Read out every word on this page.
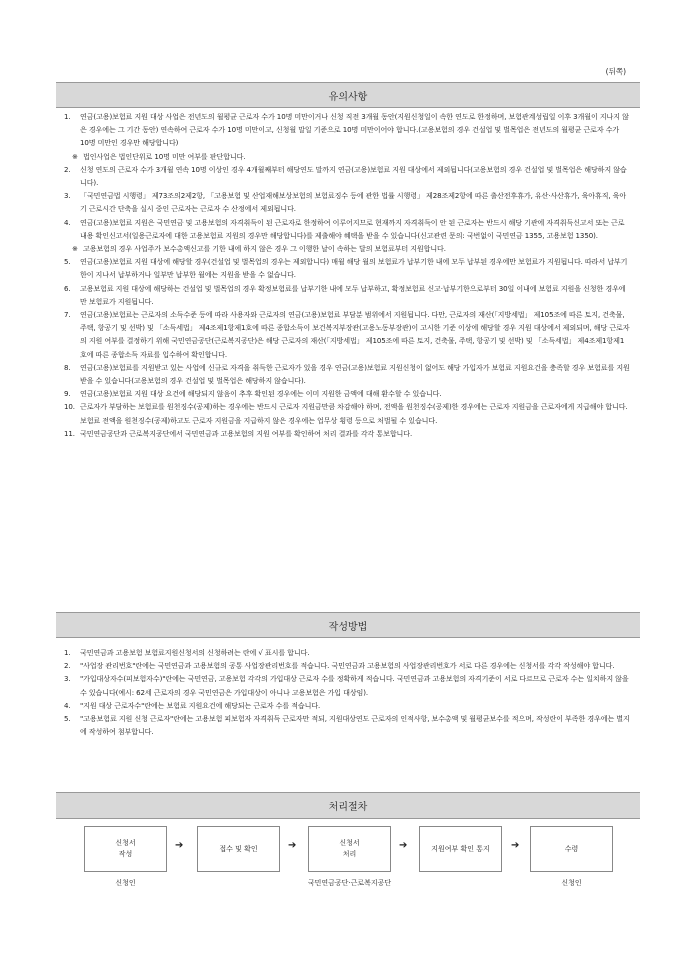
(뒤쪽)
유의사항
1. 연금(고용)보험료 지원 대상 사업은 전년도의 월평균 근로자 수가 10명 미만이거나 신청 직전 3개월 동안(지원신청일이 속한 연도로 한정하며, 보험관계성립일 이후 3개월이 지나지 않은 경우에는 그 기간 동안) 연속하여 근로자 수가 10명 미만이고, 신청월 말일 기준으로 10명 미만이어야 합니다.(고용보험의 경우 건설업 및 벌목업은 전년도의 월평균 근로자 수가 10명 미만인 경우만 해당합니다)
※ 법인사업은 법인단위로 10명 미만 여부를 판단합니다.
2. 신청 연도의 근로자 수가 3개월 연속 10명 이상인 경우 4개월째부터 해당연도 말까지 연금(고용)보험료 지원 대상에서 제외됩니다(고용보험의 경우 건설업 및 벌목업은 해당하지 않습니다).
3. 「국민연금법 시행령」 제73조의2제2항, 「고용보험 및 산업재해보상보험의 보험료징수 등에 관한 법률 시행령」 제28조제2항에 따른 출산전후휴가, 유산·사산휴가, 육아휴직, 육아기 근로시간 단축을 실시 중인 근로자는 근로자 수 산정에서 제외됩니다.
4. 연금(고용)보험료 지원은 국민연금 및 고용보험의 자격취득이 된 근로자로 한정하여 이루어지므로 현재까지 자격취득이 안 된 근로자는 반드시 해당 기관에 자격취득신고서 또는 근로내용 확인신고서(일용근로자에 대한 고용보험료 지원의 경우만 해당합니다)를 제출해야 혜택을 받을 수 있습니다(신고관련 문의: 국번없이 국민연금 1355, 고용보험 1350).
※ 고용보험의 경우 사업주가 보수총액신고를 기한 내에 하지 않은 경우 그 이행한 날이 속하는 달의 보험료부터 지원합니다.
5. 연금(고용)보험료 지원 대상에 해당할 경우(건설업 및 벌목업의 경우는 제외합니다) 매월 해당 월의 보험료가 납부기한 내에 모두 납부된 경우에만 보험료가 지원됩니다. 따라서 납부기한이 지나서 납부하거나 일부만 납부한 월에는 지원을 받을 수 없습니다.
6. 고용보험료 지원 대상에 해당하는 건설업 및 벌목업의 경우 확정보험료를 납부기한 내에 모두 납부하고, 확정보험료 신고·납부기한으로부터 30일 이내에 보험료 지원을 신청한 경우에만 보험료가 지원됩니다.
7. 연금(고용)보험료는 근로자의 소득수준 등에 따라 사용자와 근로자의 연금(고용)보험료 부담분 범위에서 지원됩니다. 다만, 근로자의 재산(「지방세법」 제105조에 따른 토지, 건축물, 주택, 항공기 및 선박) 및 「소득세법」 제4조제1항제1호에 따른 종합소득이 보건복지부장관(고용노동부장관)이 고시한 기준 이상에 해당할 경우 지원 대상에서 제외되며, 해당 근로자의 지원 여부를 결정하기 위해 국민연금공단(근로복지공단)은 해당 근로자의 재산(「지방세법」 제105조에 따른 토지, 건축물, 주택, 항공기 및 선박) 및 「소득세법」 제4조제1항제1호에 따른 종합소득 자료를 입수하여 확인합니다.
8. 연금(고용)보험료를 지원받고 있는 사업에 신규로 자격을 취득한 근로자가 있을 경우 연금(고용)보험료 지원신청이 없어도 해당 가입자가 보험료 지원요건을 충족할 경우 보험료를 지원받을 수 있습니다(고용보험의 경우 건설업 및 벌목업은 해당하지 않습니다).
9. 연금(고용)보험료 지원 대상 요건에 해당되지 않음이 추후 확인된 경우에는 이미 지원한 금액에 대해 환수할 수 있습니다.
10. 근로자가 부담하는 보험료를 원천징수(공제)하는 경우에는 반드시 근로자 지원금만큼 차감해야 하며, 전액을 원천징수(공제)한 경우에는 근로자 지원금을 근로자에게 지급해야 합니다. 보험료 전액을 원천징수(공제)하고도 근로자 지원금을 지급하지 않은 경우에는 업무상 횡령 등으로 처벌될 수 있습니다.
11. 국민연금공단과 근로복지공단에서 국민연금과 고용보험의 지원 여부를 확인하여 처리 결과를 각각 통보합니다.
작성방법
1. 국민연금과 고용보험 보험료지원신청서의 신청하려는 란에 √ 표시를 합니다.
2. "사업장 관리번호"란에는 국민연금과 고용보험의 공통 사업장관리번호를 적습니다. 국민연금과 고용보험의 사업장관리번호가 서로 다른 경우에는 신청서를 각각 작성해야 합니다.
3. "가입대상자수(피보험자수)"란에는 국민연금, 고용보험 각각의 가입대상 근로자 수를 정확하게 적습니다. 국민연금과 고용보험의 자격기준이 서로 다르므로 근로자 수는 일치하지 않을 수 있습니다(예시: 62세 근로자의 경우 국민연금은 가입대상이 아니나 고용보험은 가입 대상임).
4. "지원 대상 근로자수"란에는 보험료 지원요건에 해당되는 근로자 수를 적습니다.
5. "고용보험료 지원 신청 근로자"란에는 고용보험 피보험자 자격취득 근로자만 적되, 지원대상연도 근로자의 인적사항, 보수총액 및 월평균보수를 적으며, 작성란이 부족한 경우에는 별지에 작성하여 첨부합니다.
처리절차
신청서
작성
➔	접수 및 확인	➔	신청서
처리
➔	지원여부 확인 통지	➔	수령
신청인	국민연금공단·근로복지공단	신청인
